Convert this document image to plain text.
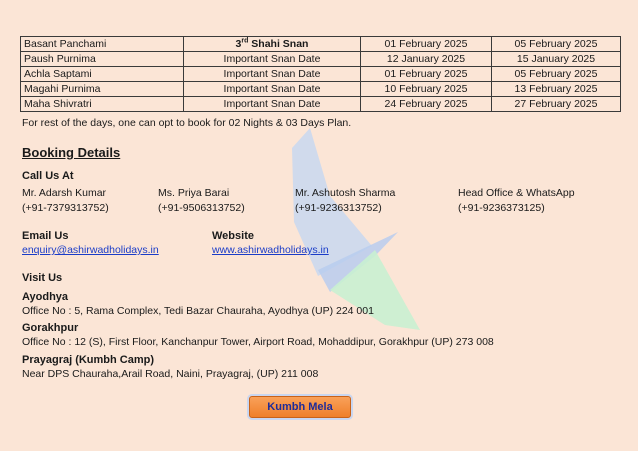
Basant Panchami	3rd Shahi Snan	01 February 2025	05 February 2025
Paush Purnima	Important Snan Date	12 January 2025	15 January 2025
Achla Saptami	Important Snan Date	01 February 2025	05 February 2025
Magahi Purnima	Important Snan Date	10 February 2025	13 February 2025
Maha Shivratri	Important Snan Date	24 February 2025	27 February 2025
For rest of the days, one can opt to book for 02 Nights & 03 Days Plan.
Booking Details
Call Us At
Mr. Adarsh Kumar
(+91-7379313752)
Ms. Priya Barai
(+91-9506313752)
Mr. Ashutosh Sharma
(+91-9236313752)
Head Office & WhatsApp
(+91-9236373125)
Email Us
enquiry@ashirwadholidays.in
Website
www.ashirwadholidays.in
Visit Us
Ayodhya
Office No : 5, Rama Complex, Tedi Bazar Chauraha, Ayodhya (UP) 224 001
Gorakhpur
Office No : 12 (S), First Floor, Kanchanpur Tower, Airport Road, Mohaddipur, Gorakhpur (UP) 273 008
Prayagraj (Kumbh Camp)
Near DPS Chauraha,Arail Road, Naini, Prayagraj, (UP) 211 008
Kumbh Mela
